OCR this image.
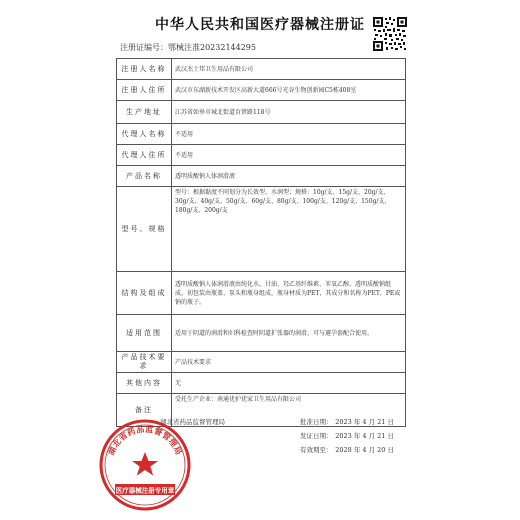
中华人民共和国医疗器械注册证
注册证编号：鄂械注准20232144295
注册人名称	武汉杰士邦卫生用品有限公司
注册人住所	武汉市东湖新技术开发区高新大道666号光谷生物创新园C5栋408室
生产地址	江苏省如皋市城北街道育贤路118号
代理人名称	不适用
代理人住所	不适用
产品名称	透明质酸钠人体润滑液
型号、规格	型号：根据黏度不同划分为长效型、水润型；规格：10g/支、15g/支、20g/支、30g/支、40g/支、50g/支、60g/支、80g/支、100g/支、120g/支、150g/支、180g/支、200g/支
结构及组成	透明质酸钠人体润滑液由纯化水、甘油、羟乙基纤维素、苯氧乙醇、透明质酸钠组成。初包装由瓶盖、泵头和瓶身组成，瓶身材质为PET，其成分和名称为PET，PE或钠的瓶子。
适用范围	适用于阴道的润滑和妇科检查时阴道扩张器的润滑，可与避孕套配合使用。
产品技术要求	产品技术要求
其他内容	无
备注	受托生产企业：南通优护优家卫生用品有限公司
湖北省药品监督管理局	批准日期： 2023 年 4 月 21 日
发证日期： 2023 年 4 月 21 日
有效期至： 2028 年 4 月 20 日
湖北省药品监督管理局
医疗器械注册专用章
